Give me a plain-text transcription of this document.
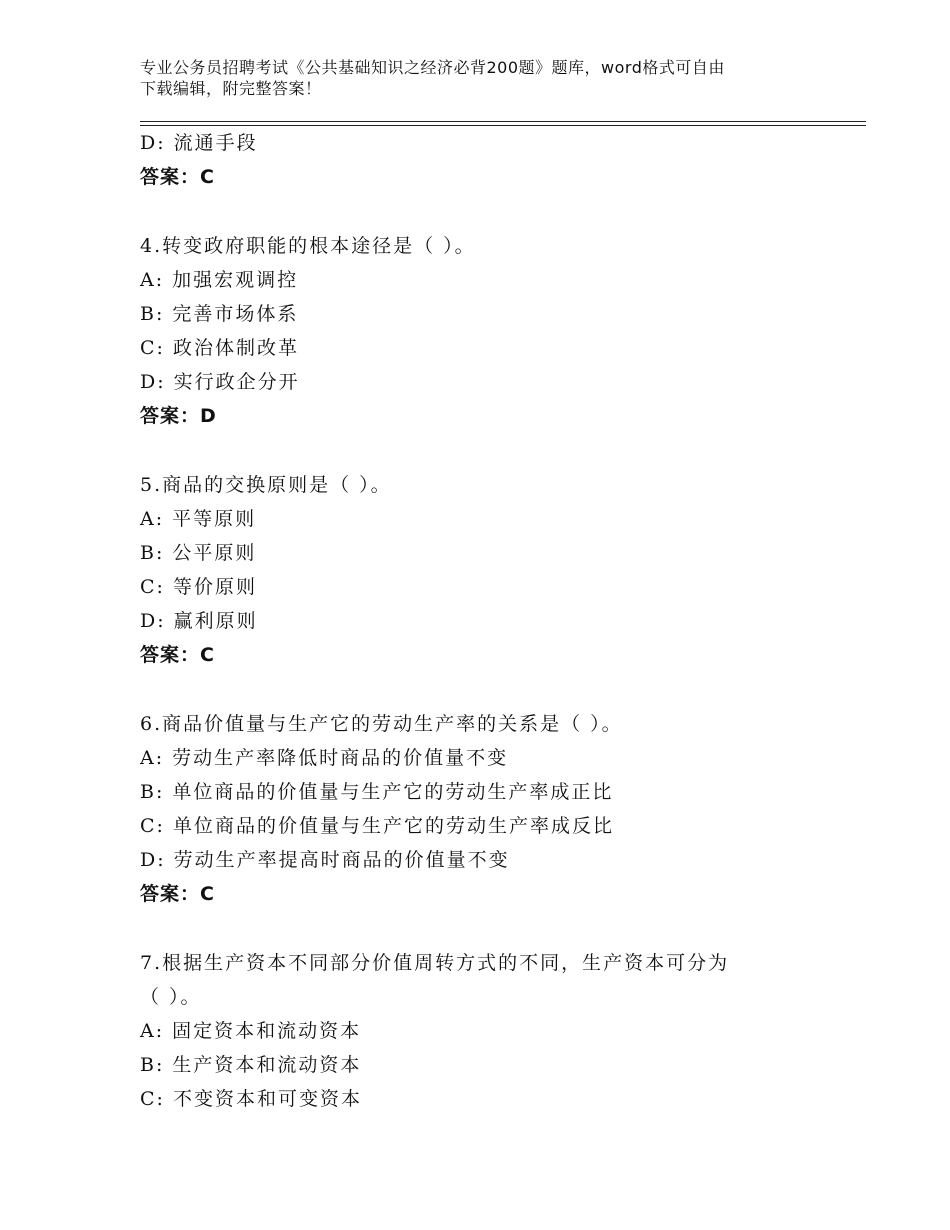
专业公务员招聘考试《公共基础知识之经济必背200题》题库，word格式可自由
下载编辑，附完整答案！
D: 流通手段
答案：C
4.转变政府职能的根本途径是（ ）。
A: 加强宏观调控
B: 完善市场体系
C: 政治体制改革
D: 实行政企分开
答案：D
5.商品的交换原则是（ ）。
A: 平等原则
B: 公平原则
C: 等价原则
D: 赢利原则
答案：C
6.商品价值量与生产它的劳动生产率的关系是（ ）。
A: 劳动生产率降低时商品的价值量不变
B: 单位商品的价值量与生产它的劳动生产率成正比
C: 单位商品的价值量与生产它的劳动生产率成反比
D: 劳动生产率提高时商品的价值量不变
答案：C
7.根据生产资本不同部分价值周转方式的不同，生产资本可分为
（ ）。
A: 固定资本和流动资本
B: 生产资本和流动资本
C: 不变资本和可变资本
